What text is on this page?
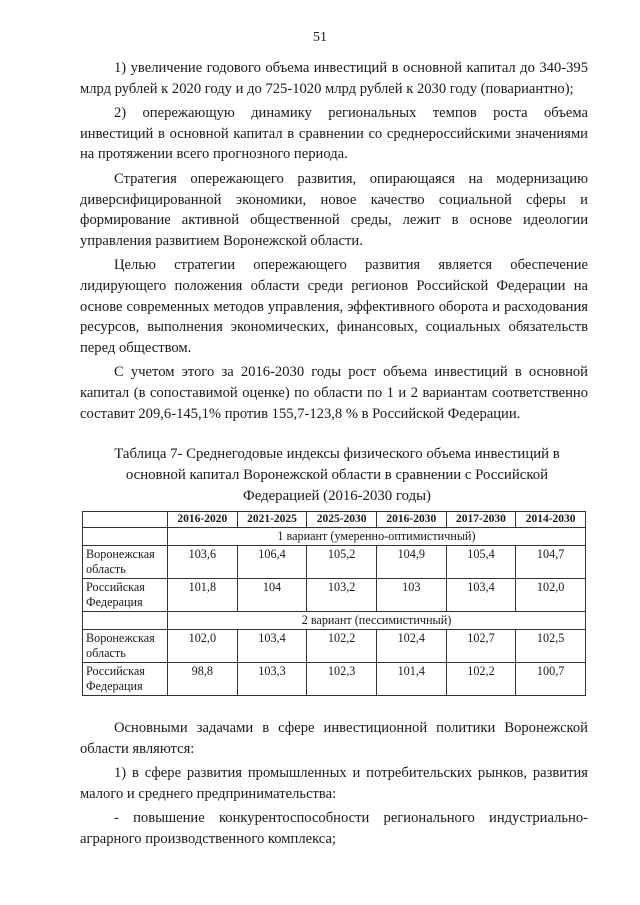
51

1) увеличение годового объема инвестиций в основной капитал до 340-395 млрд рублей к 2020 году и до 725-1020 млрд рублей к 2030 году (повариантно);

2) опережающую динамику региональных темпов роста объема инвестиций в основной капитал в сравнении со среднероссийскими значениями на протяжении всего прогнозного периода.

Стратегия опережающего развития, опирающаяся на модернизацию диверсифицированной экономики, новое качество социальной сферы и формирование активной общественной среды, лежит в основе идеологии управления развитием Воронежской области.

Целью стратегии опережающего развития является обеспечение лидирующего положения области среди регионов Российской Федерации на основе современных методов управления, эффективного оборота и расходования ресурсов, выполнения экономических, финансовых, социальных обязательств перед обществом.

С учетом этого за 2016-2030 годы рост объема инвестиций в основной капитал (в сопоставимой оценке) по области по 1 и 2 вариантам соответственно составит 209,6-145,1% против 155,7-123,8 % в Российской Федерации.

Таблица 7- Среднегодовые индексы физического объема инвестиций в основной капитал Воронежской области в сравнении с Российской Федерацией (2016-2030 годы)
	2016-2020	2021-2025	2025-2030	2016-2030	2017-2030	2014-2030
	1 вариант (умеренно-оптимистичный)					
Воронежская область	103,6	106,4	105,2	104,9	105,4	104,7
Российская Федерация	101,8	104	103,2	103	103,4	102,0
	2 вариант (пессимистичный)					
Воронежская область	102,0	103,4	102,2	102,4	102,7	102,5
Российская Федерация	98,8	103,3	102,3	101,4	102,2	100,7

Основными задачами в сфере инвестиционной политики Воронежской области являются:

1) в сфере развития промышленных и потребительских рынков, развития малого и среднего предпринимательства:

- повышение конкурентоспособности регионального индустриально-аграрного производственного комплекса;
